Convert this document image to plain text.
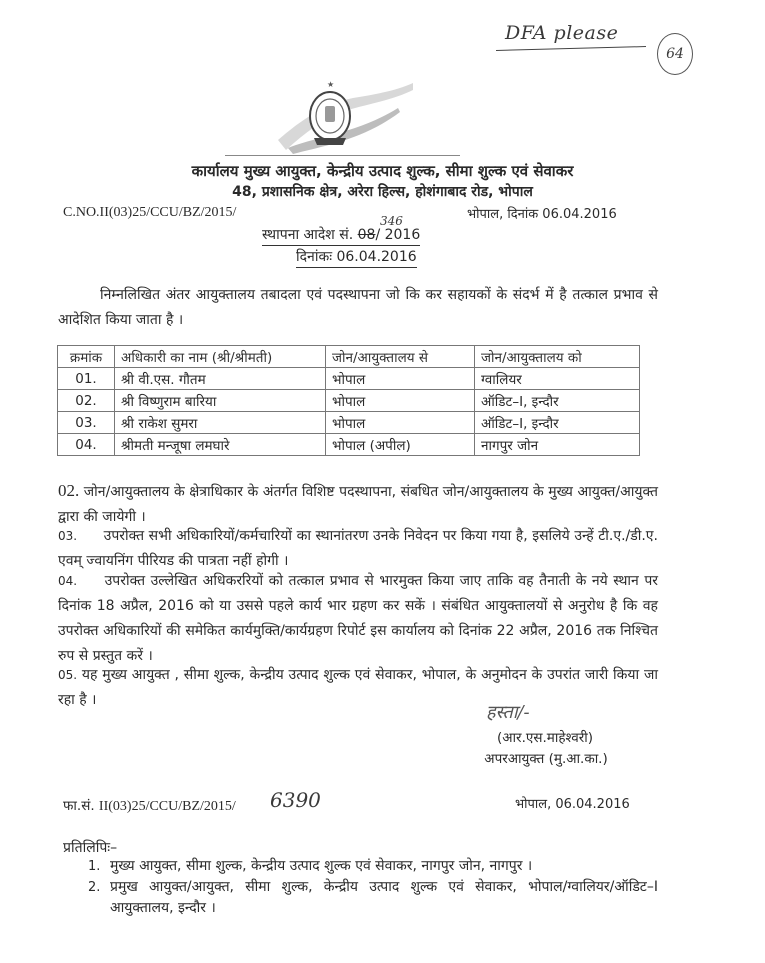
DFA please
64
★
कार्यालय मुख्य आयुक्त, केन्द्रीय उत्पाद शुल्क, सीमा शुल्क एवं सेवाकर
48, प्रशासनिक क्षेत्र, अरेरा हिल्स, होशंगाबाद रोड, भोपाल
C.NO.II(03)25/CCU/BZ/2015/	भोपाल, दिनांक 06.04.2016
346
स्थापना आदेश सं. 08/ 2016
दिनांकः 06.04.2016
निम्नलिखित अंतर आयुक्तालय तबादला एवं पदस्थापना जो कि कर सहायकों के संदर्भ में है तत्काल प्रभाव से आदेशित किया जाता है ।
क्रमांक	अधिकारी का नाम (श्री/श्रीमती)	जोन/आयुक्तालय से	जोन/आयुक्तालय को
01.	श्री वी.एस. गौतम	भोपाल	ग्वालियर
02.	श्री विष्णुराम बारिया	भोपाल	ऑडिट–I, इन्दौर
03.	श्री राकेश सुमरा	भोपाल	ऑडिट–I, इन्दौर
04.	श्रीमती मन्जूषा लमघारे	भोपाल (अपील)	नागपुर जोन
02. जोन/आयुक्तालय के क्षेत्राधिकार के अंतर्गत विशिष्ट पदस्थापना, संबधित जोन/आयुक्तालय के मुख्य आयुक्त/आयुक्त द्वारा की जायेगी ।
03. उपरोक्त सभी अधिकारियों/कर्मचारियों का स्थानांतरण उनके निवेदन पर किया गया है, इसलिये उन्हें टी.ए./डी.ए. एवम् ज्वायनिंग पीरियड की पात्रता नहीं होगी ।
04. उपरोक्त उल्लेखित अधिकररियों को तत्काल प्रभाव से भारमुक्त किया जाए ताकि वह तैनाती के नये स्थान पर दिनांक 18 अप्रैल, 2016 को या उससे पहले कार्य भार ग्रहण कर सकें । संबंधित आयुक्तालयों से अनुरोध है कि वह उपरोक्त अधिकारियों की समेकित कार्यमुक्ति/कार्यग्रहण रिपोर्ट इस कार्यालय को दिनांक 22 अप्रैल, 2016 तक निश्चित रुप से प्रस्तुत करें ।
05. यह मुख्य आयुक्त , सीमा शुल्क, केन्द्रीय उत्पाद शुल्क एवं सेवाकर, भोपाल, के अनुमोदन के उपरांत जारी किया जा रहा है ।
हस्ता/-
(आर.एस.माहेश्वरी)
अपरआयुक्त (मु.आ.का.)
फा.सं. II(03)25/CCU/BZ/2015/ 6390	भोपाल, 06.04.2016
प्रतिलिपिः–
1. मुख्य आयुक्त, सीमा शुल्क, केन्द्रीय उत्पाद शुल्क एवं सेवाकर, नागपुर जोन, नागपुर ।
2. प्रमुख आयुक्त/आयुक्त, सीमा शुल्क, केन्द्रीय उत्पाद शुल्क एवं सेवाकर, भोपाल/ग्वालियर/ऑडिट–I आयुक्तालय, इन्दौर ।
